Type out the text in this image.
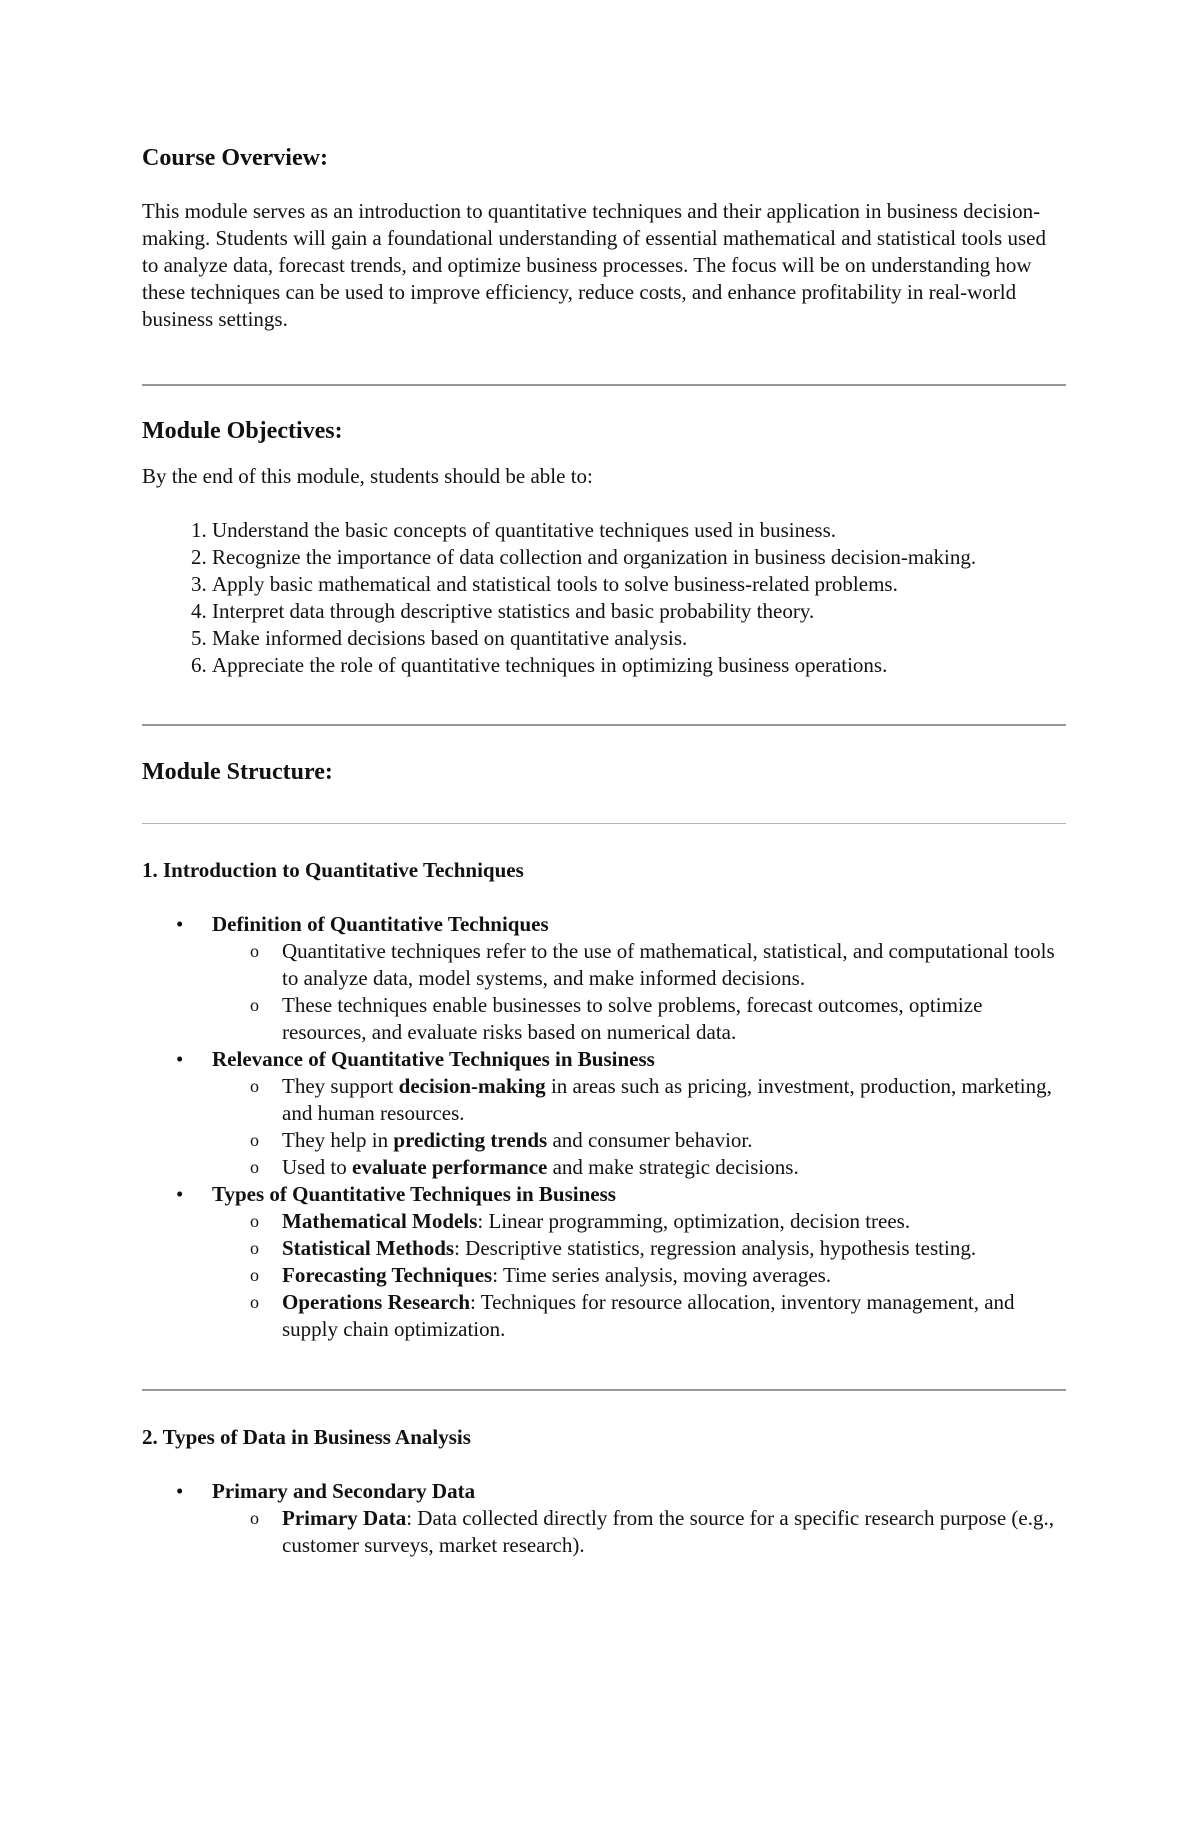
Course Overview:

This module serves as an introduction to quantitative techniques and their application in business decision-making. Students will gain a foundational understanding of essential mathematical and statistical tools used to analyze data, forecast trends, and optimize business processes. The focus will be on understanding how these techniques can be used to improve efficiency, reduce costs, and enhance profitability in real-world business settings.

Module Objectives:

By the end of this module, students should be able to:

1. Understand the basic concepts of quantitative techniques used in business.
2. Recognize the importance of data collection and organization in business decision-making.
3. Apply basic mathematical and statistical tools to solve business-related problems.
4. Interpret data through descriptive statistics and basic probability theory.
5. Make informed decisions based on quantitative analysis.
6. Appreciate the role of quantitative techniques in optimizing business operations.
Module Structure:
1. Introduction to Quantitative Techniques
• Definition of Quantitative Techniques
o Quantitative techniques refer to the use of mathematical, statistical, and computational tools to analyze data, model systems, and make informed decisions.
o These techniques enable businesses to solve problems, forecast outcomes, optimize resources, and evaluate risks based on numerical data.
• Relevance of Quantitative Techniques in Business
o They support decision-making in areas such as pricing, investment, production, marketing, and human resources.
o They help in predicting trends and consumer behavior.
o Used to evaluate performance and make strategic decisions.
• Types of Quantitative Techniques in Business
o Mathematical Models: Linear programming, optimization, decision trees.
o Statistical Methods: Descriptive statistics, regression analysis, hypothesis testing.
o Forecasting Techniques: Time series analysis, moving averages.
o Operations Research: Techniques for resource allocation, inventory management, and supply chain optimization.
2. Types of Data in Business Analysis
• Primary and Secondary Data
o Primary Data: Data collected directly from the source for a specific research purpose (e.g., customer surveys, market research).
